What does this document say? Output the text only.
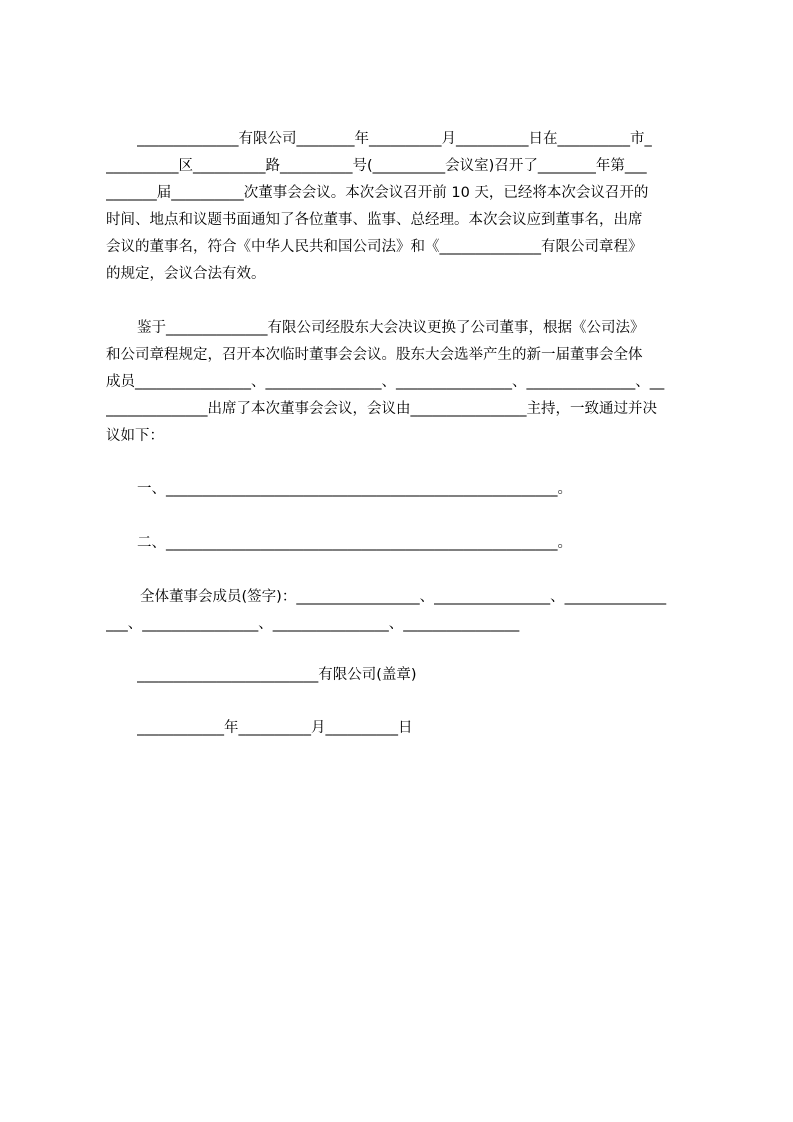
______________有限公司________年__________月__________日在__________市_
__________区__________路__________号(__________会议室)召开了________年第___
_______届__________次董事会会议。本次会议召开前 10 天，已经将本次会议召开的
时间、地点和议题书面通知了各位董事、监事、总经理。本次会议应到董事名，出席
会议的董事名，符合《中华人民共和国公司法》和《______________有限公司章程》
的规定，会议合法有效。
鉴于______________有限公司经股东大会决议更换了公司董事，根据《公司法》
和公司章程规定，召开本次临时董事会会议。股东大会选举产生的新一届董事会全体
成员________________、________________、________________、_______________、__
______________出席了本次董事会会议，会议由________________主持，一致通过并决
议如下：
一、______________________________________________________。
二、______________________________________________________。
全体董事会成员(签字)：_________________、________________、______________
___、________________、________________、________________
_________________________有限公司(盖章)
____________年__________月__________日
